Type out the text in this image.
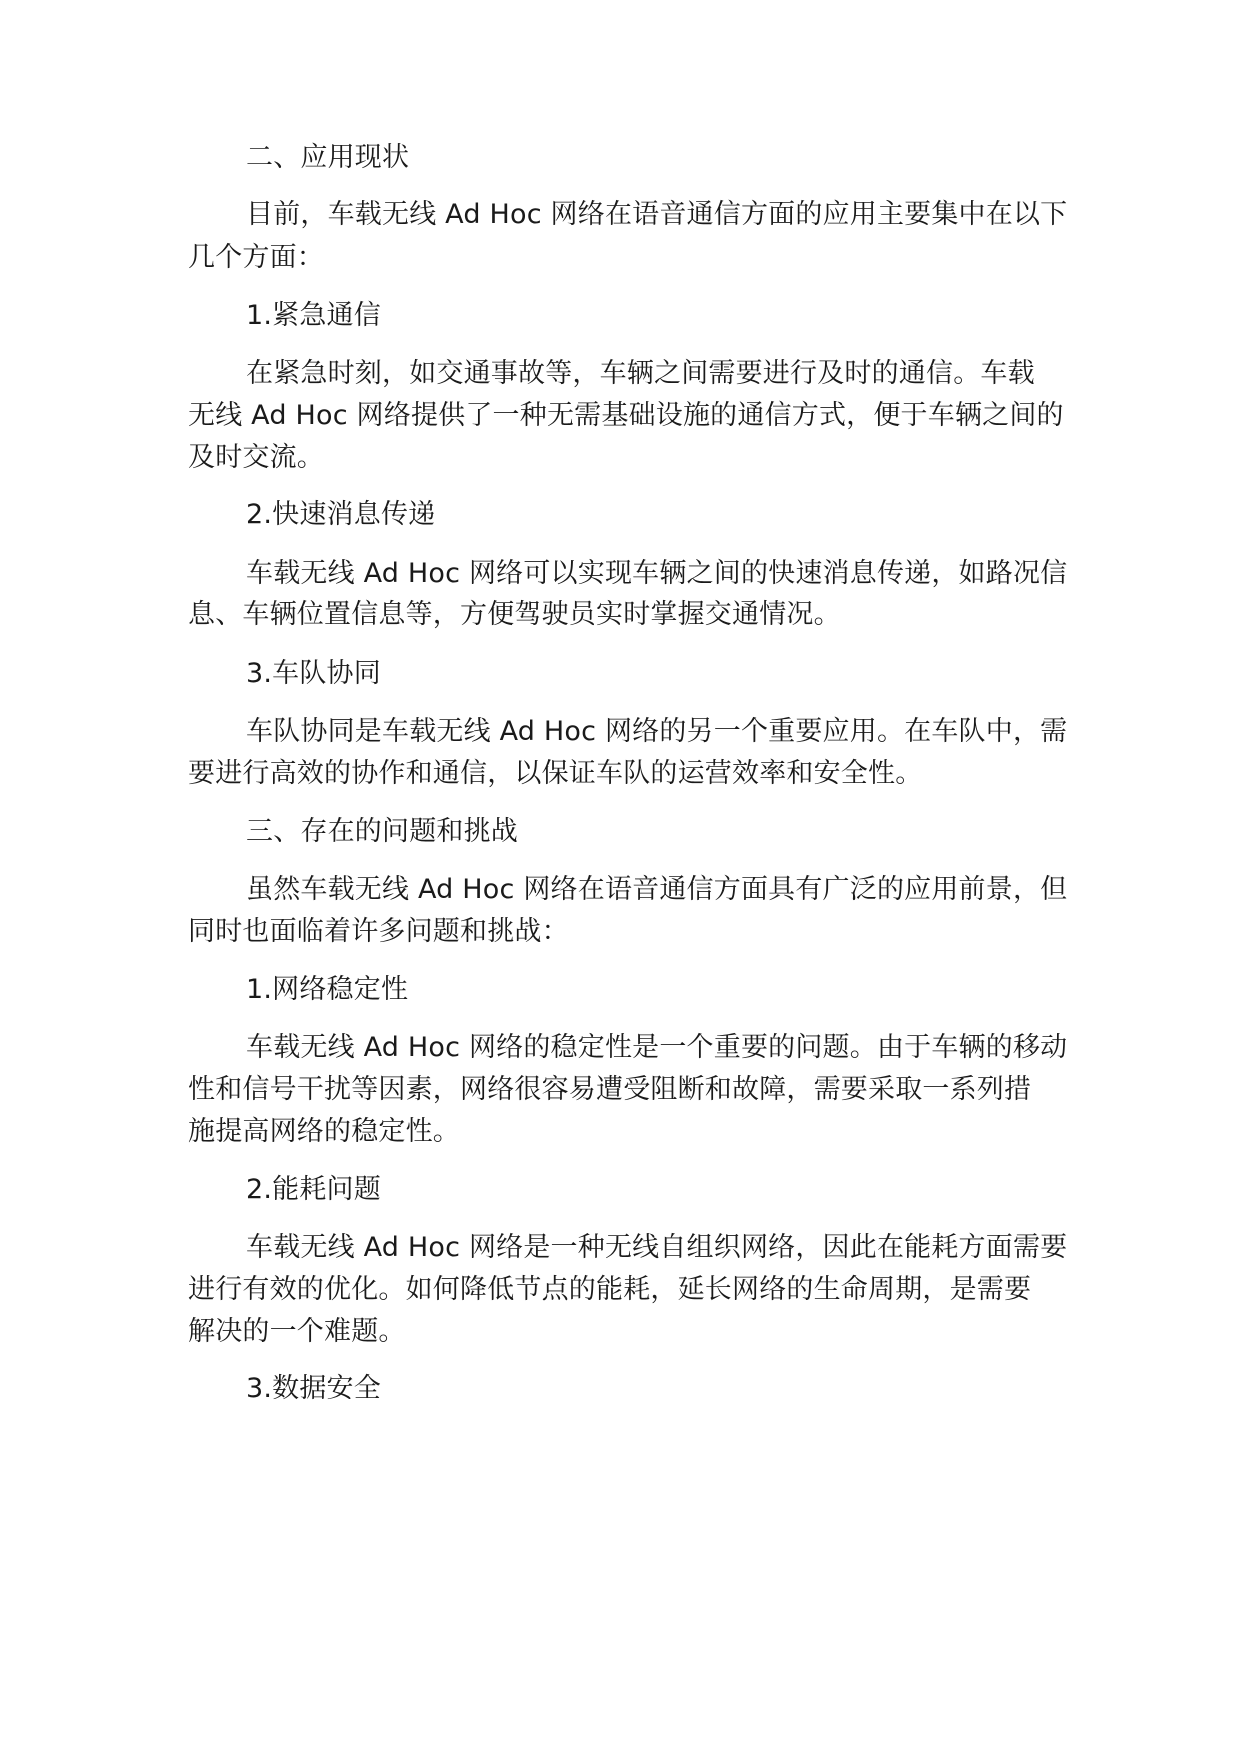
二、应用现状
目前，车载无线 Ad Hoc 网络在语音通信方面的应用主要集中在以下
几个方面：
1.紧急通信
在紧急时刻，如交通事故等，车辆之间需要进行及时的通信。车载
无线 Ad Hoc 网络提供了一种无需基础设施的通信方式，便于车辆之间的
及时交流。
2.快速消息传递
车载无线 Ad Hoc 网络可以实现车辆之间的快速消息传递，如路况信
息、车辆位置信息等，方便驾驶员实时掌握交通情况。
3.车队协同
车队协同是车载无线 Ad Hoc 网络的另一个重要应用。在车队中，需
要进行高效的协作和通信，以保证车队的运营效率和安全性。
三、存在的问题和挑战
虽然车载无线 Ad Hoc 网络在语音通信方面具有广泛的应用前景，但
同时也面临着许多问题和挑战：
1.网络稳定性
车载无线 Ad Hoc 网络的稳定性是一个重要的问题。由于车辆的移动
性和信号干扰等因素，网络很容易遭受阻断和故障，需要采取一系列措
施提高网络的稳定性。
2.能耗问题
车载无线 Ad Hoc 网络是一种无线自组织网络，因此在能耗方面需要
进行有效的优化。如何降低节点的能耗，延长网络的生命周期，是需要
解决的一个难题。
3.数据安全
